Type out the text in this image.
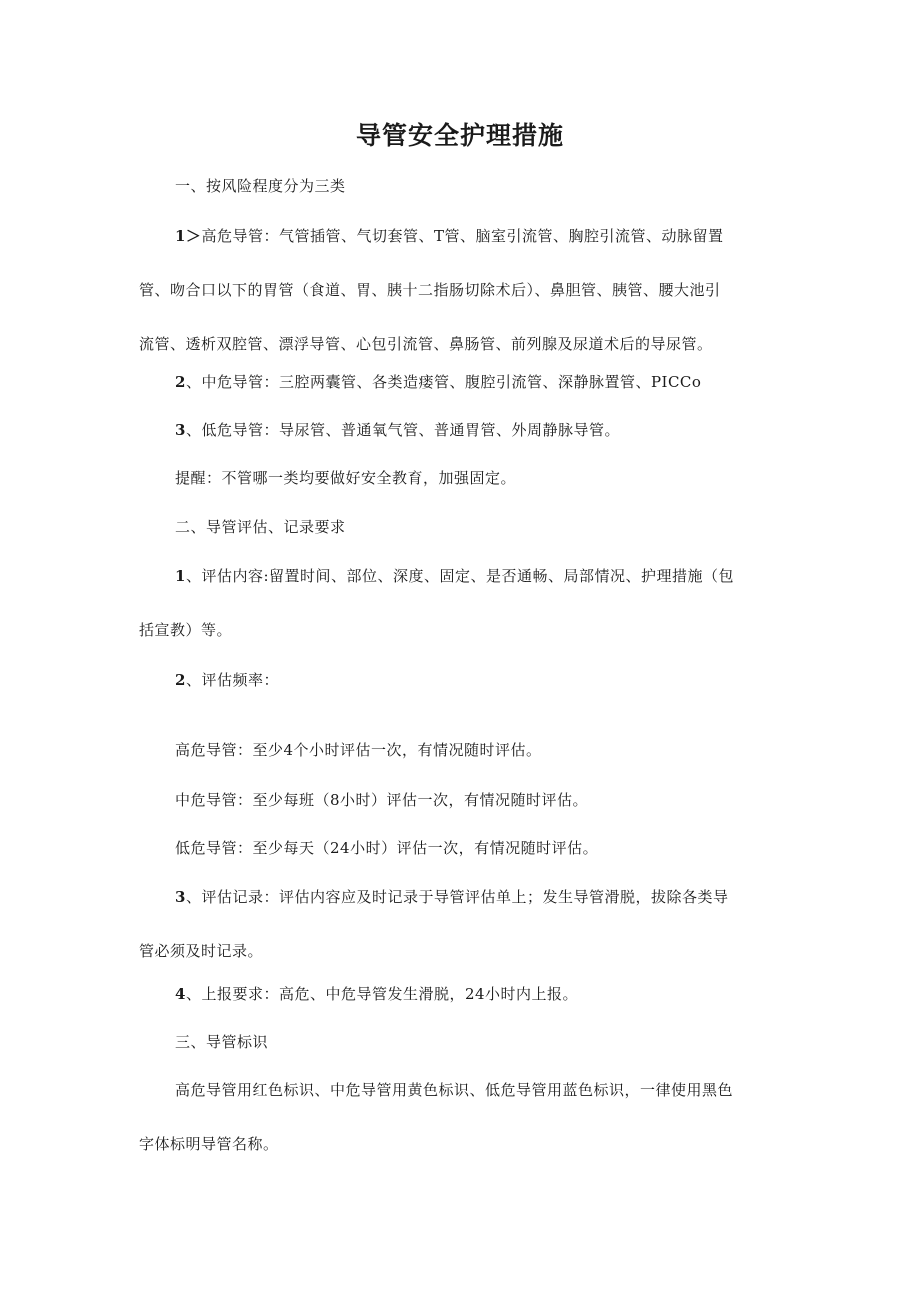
导管安全护理措施

一、按风险程度分为三类

1＞高危导管：气管插管、气切套管、T管、脑室引流管、胸腔引流管、动脉留置
管、吻合口以下的胃管（食道、胃、胰十二指肠切除术后）、鼻胆管、胰管、腰大池引
流管、透析双腔管、漂浮导管、心包引流管、鼻肠管、前列腺及尿道术后的导尿管。

2、中危导管：三腔两囊管、各类造瘘管、腹腔引流管、深静脉置管、PICCo

3、低危导管：导尿管、普通氧气管、普通胃管、外周静脉导管。

提醒：不管哪一类均要做好安全教育，加强固定。

二、导管评估、记录要求

1、评估内容:留置时间、部位、深度、固定、是否通畅、局部情况、护理措施（包
括宣教）等。

2、评估频率：

高危导管：至少4个小时评估一次，有情况随时评估。

中危导管：至少每班（8小时）评估一次，有情况随时评估。

低危导管：至少每天（24小时）评估一次，有情况随时评估。

3、评估记录：评估内容应及时记录于导管评估单上；发生导管滑脱，拔除各类导
管必须及时记录。

4、上报要求：高危、中危导管发生滑脱，24小时内上报。

三、导管标识

高危导管用红色标识、中危导管用黄色标识、低危导管用蓝色标识，一律使用黑色
字体标明导管名称。
